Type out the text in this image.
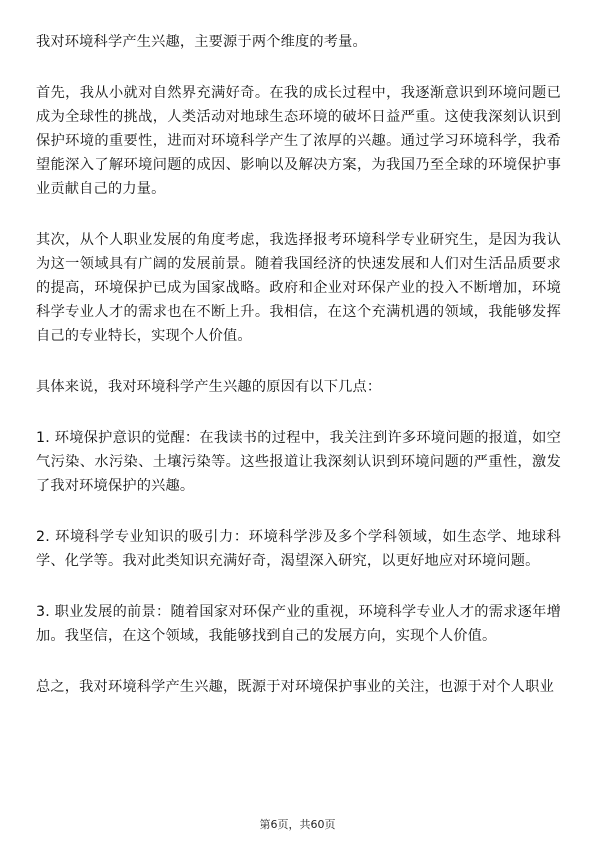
我对环境科学产生兴趣，主要源于两个维度的考量。

首先，我从小就对自然界充满好奇。在我的成长过程中，我逐渐意识到环境问题已成为全球性的挑战，人类活动对地球生态环境的破坏日益严重。这使我深刻认识到保护环境的重要性，进而对环境科学产生了浓厚的兴趣。通过学习环境科学，我希望能深入了解环境问题的成因、影响以及解决方案，为我国乃至全球的环境保护事业贡献自己的力量。

其次，从个人职业发展的角度考虑，我选择报考环境科学专业研究生，是因为我认为这一领域具有广阔的发展前景。随着我国经济的快速发展和人们对生活品质要求的提高，环境保护已成为国家战略。政府和企业对环保产业的投入不断增加，环境科学专业人才的需求也在不断上升。我相信，在这个充满机遇的领域，我能够发挥自己的专业特长，实现个人价值。

具体来说，我对环境科学产生兴趣的原因有以下几点：

1. 环境保护意识的觉醒：在我读书的过程中，我关注到许多环境问题的报道，如空气污染、水污染、土壤污染等。这些报道让我深刻认识到环境问题的严重性，激发了我对环境保护的兴趣。

2. 环境科学专业知识的吸引力：环境科学涉及多个学科领域，如生态学、地球科学、化学等。我对此类知识充满好奇，渴望深入研究，以更好地应对环境问题。

3. 职业发展的前景：随着国家对环保产业的重视，环境科学专业人才的需求逐年增加。我坚信，在这个领域，我能够找到自己的发展方向，实现个人价值。

总之，我对环境科学产生兴趣，既源于对环境保护事业的关注，也源于对个人职业

第6页，共60页
